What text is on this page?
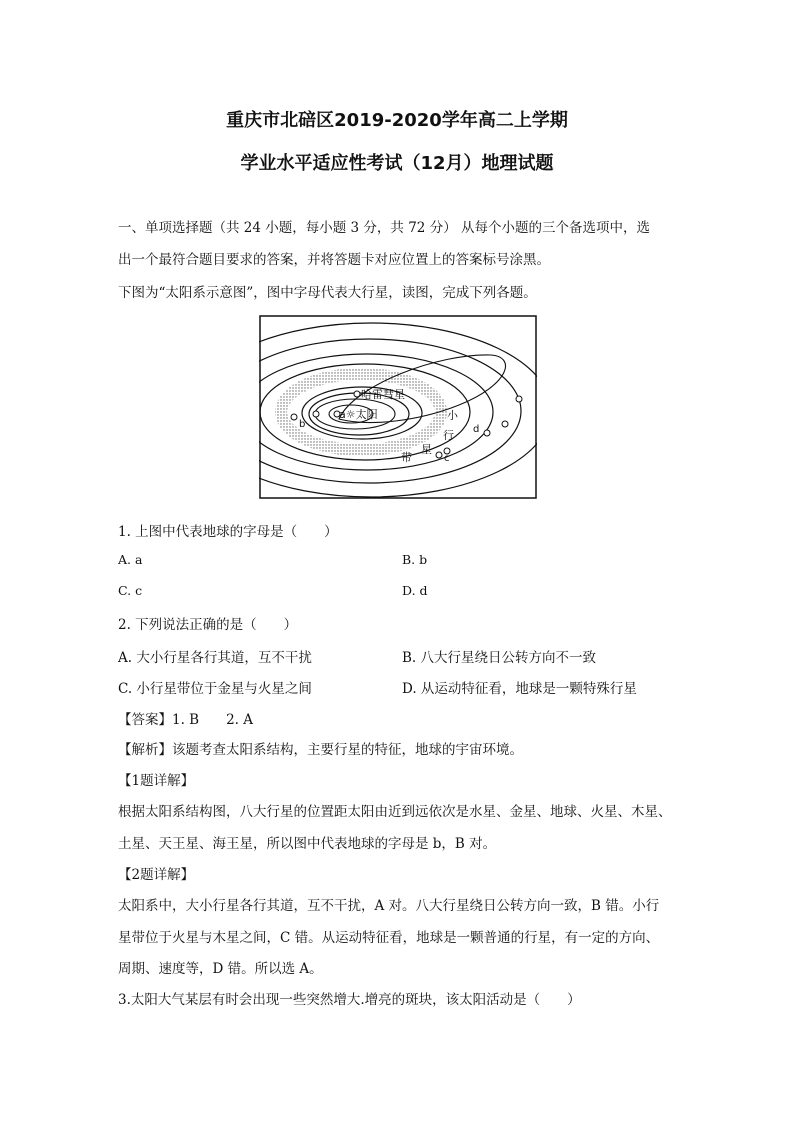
重庆市北碚区2019-2020学年高二上学期
学业水平适应性考试（12月）地理试题
一、单项选择题（共 24 小题，每小题 3 分，共 72 分） 从每个小题的三个备选项中，选
出一个最符合题目要求的答案，并将答题卡对应位置上的答案标号涂黑。
下图为“太阳系示意图”，图中字母代表大行星，读图，完成下列各题。
哈雷彗星
a☼太阳
b
c
d
小
行
星
带
1. 上图中代表地球的字母是（　　）
A. a	B. b
C. c	D. d
2. 下列说法正确的是（　　）
A. 大小行星各行其道，互不干扰	B. 八大行星绕日公转方向不一致
C. 小行星带位于金星与火星之间	D. 从运动特征看，地球是一颗特殊行星
【答案】1. B　　2. A
【解析】该题考查太阳系结构，主要行星的特征，地球的宇宙环境。
【1题详解】
根据太阳系结构图，八大行星的位置距太阳由近到远依次是水星、金星、地球、火星、木星、
土星、天王星、海王星，所以图中代表地球的字母是 b，B 对。
【2题详解】
太阳系中，大小行星各行其道，互不干扰，A 对。八大行星绕日公转方向一致，B 错。小行
星带位于火星与木星之间，C 错。从运动特征看，地球是一颗普通的行星，有一定的方向、
周期、速度等，D 错。所以选 A。
3.太阳大气某层有时会出现一些突然增大.增亮的斑块，该太阳活动是（　　）
